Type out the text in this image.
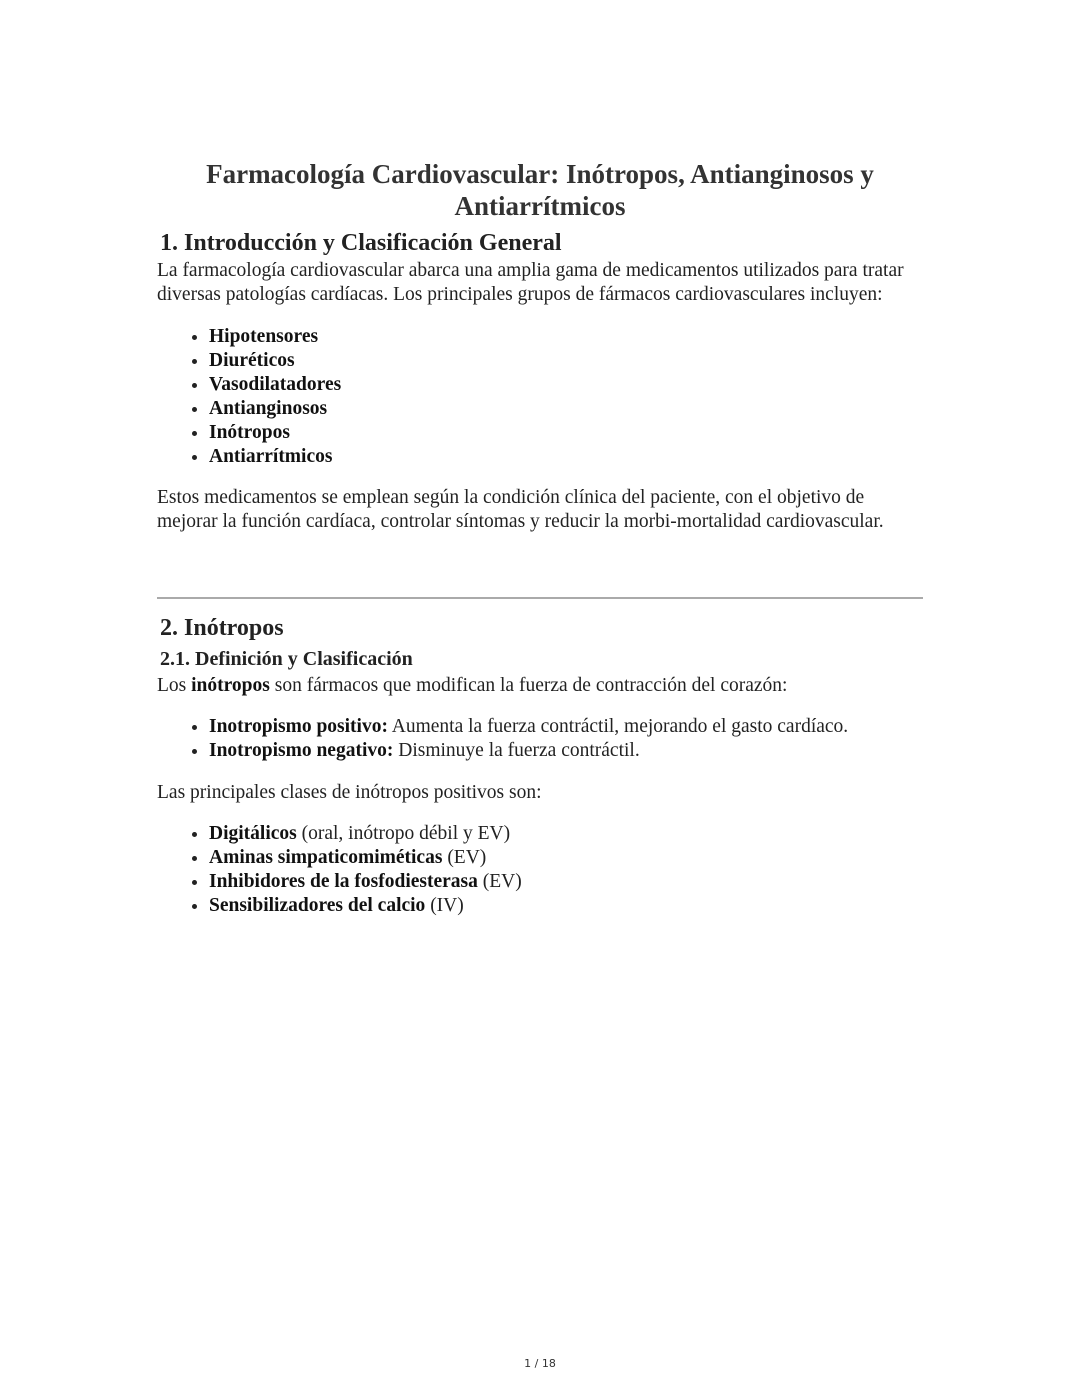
Farmacología Cardiovascular: Inótropos, Antianginosos y Antiarrítmicos
1. Introducción y Clasificación General

La farmacología cardiovascular abarca una amplia gama de medicamentos utilizados para tratar diversas patologías cardíacas. Los principales grupos de fármacos cardiovasculares incluyen:

• Hipotensores
• Diuréticos
• Vasodilatadores
• Antianginosos
• Inótropos
• Antiarrítmicos

Estos medicamentos se emplean según la condición clínica del paciente, con el objetivo de mejorar la función cardíaca, controlar síntomas y reducir la morbi-mortalidad cardiovascular.

2. Inótropos
2.1. Definición y Clasificación

Los inótropos son fármacos que modifican la fuerza de contracción del corazón:

• Inotropismo positivo: Aumenta la fuerza contráctil, mejorando el gasto cardíaco.
• Inotropismo negativo: Disminuye la fuerza contráctil.

Las principales clases de inótropos positivos son:

• Digitálicos (oral, inótropo débil y EV)
• Aminas simpaticomiméticas (EV)
• Inhibidores de la fosfodiesterasa (EV)
• Sensibilizadores del calcio (IV)
1 / 18
